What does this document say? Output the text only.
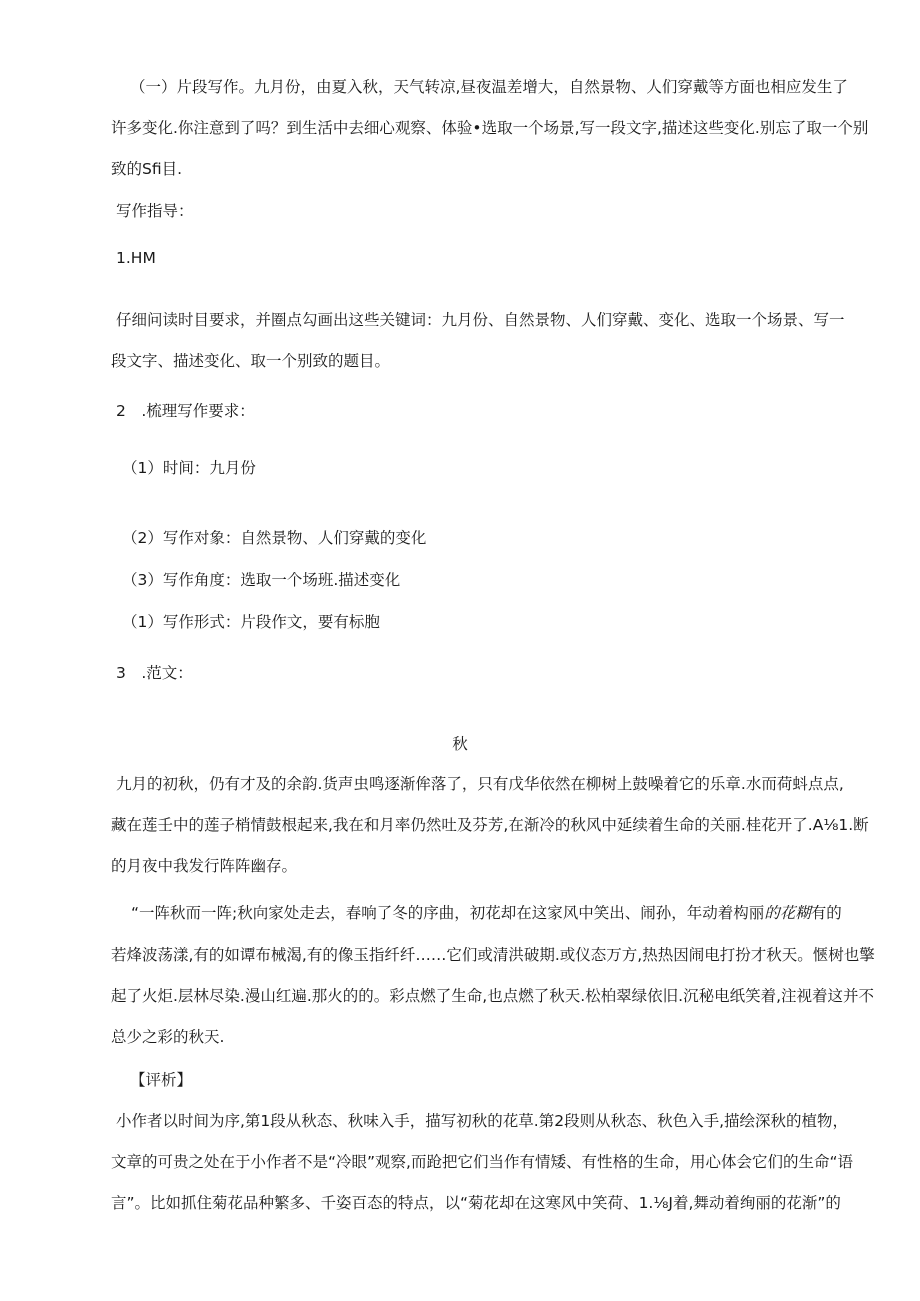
（一）片段写作。九月份，由夏入秋，天气转凉,昼夜温差增大，自然景物、人们穿戴等方面也相应发生了
许多变化.你注意到了吗？到生活中去细心观察、体验•选取一个场景,写一段文字,描述这些变化.别忘了取一个别
致的Sfi目.
写作指导：
1.HM
仔细问读时目要求，并圈点勾画出这些关键词：九月份、自然景物、人们穿戴、变化、选取一个场景、写一
段文字、描述变化、取一个别致的题目。
2　.梳理写作要求：
（1）时间：九月份
（2）写作对象：自然景物、人们穿戴的变化
（3）写作角度：选取一个场班.描述变化
（1）写作形式：片段作文，要有标胞
3　.范文：
秋
九月的初秋，仍有才及的余韵.货声虫鸣逐渐侔落了，只有戊华依然在柳树上鼓噪着它的乐章.水而荷蚪点点,
藏在莲壬中的莲子梢情鼓根起来,我在和月率仍然吐及芬芳,在渐冷的秋风中延续着生命的关丽.桂花开了.A⅛1.断
的月夜中我发行阵阵幽存。
“一阵秋而一阵;秋向家处走去，春响了冬的序曲，初花却在这家风中笑出、闹孙，年动着构丽的花糊有的
若烽波荡漾,有的如谭布械渴,有的像玉指纤纤……它们或清洪破期.或仪态万方,热热因闹电打扮才秋天。愜树也擎
起了火炬.层林尽染.漫山红遍.那火的的。彩点燃了生命,也点燃了秋天.松柏翠绿依旧.沉秘电纸笑着,注视着这并不
总少之彩的秋天.
【评析】
小作者以时间为序,第1段从秋态、秋味入手，描写初秋的花草.第2段则从秋态、秋色入手,描绘深秋的植物，
文章的可贵之处在于小作者不是“冷眼”观察,而跄把它们当作有情矮、有性格的生命，用心体会它们的生命“语
言”。比如抓住菊花品种繁多、千姿百态的特点，以“菊花却在这寒风中笑荷、1.⅛J着,舞动着绚丽的花渐”的
